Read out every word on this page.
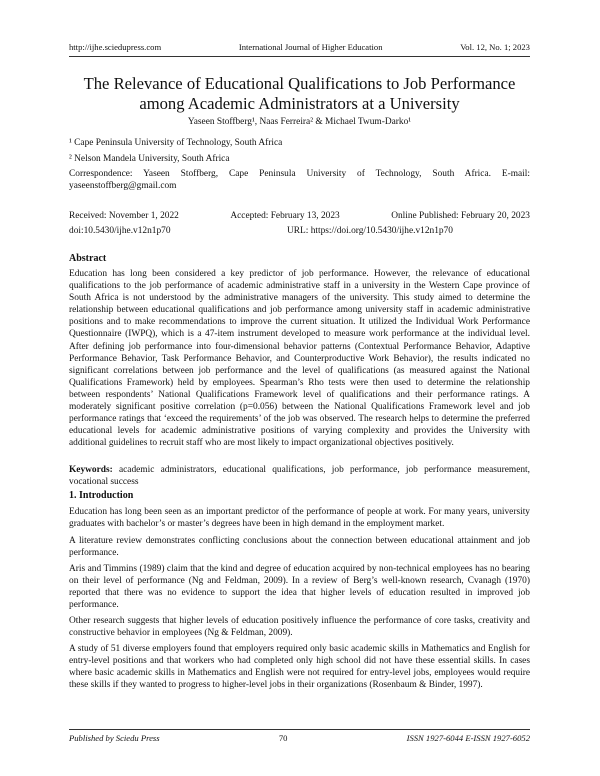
http://ijhe.sciedupress.com	International Journal of Higher Education	Vol. 12, No. 1; 2023
The Relevance of Educational Qualifications to Job Performance among Academic Administrators at a University
Yaseen Stoffberg¹, Naas Ferreira² & Michael Twum-Darko¹
¹ Cape Peninsula University of Technology, South Africa
² Nelson Mandela University, South Africa
Correspondence: Yaseen Stoffberg, Cape Peninsula University of Technology, South Africa. E-mail: yaseenstoffberg@gmail.com
Received: November 1, 2022	Accepted: February 13, 2023	Online Published: February 20, 2023
doi:10.5430/ijhe.v12n1p70	URL: https://doi.org/10.5430/ijhe.v12n1p70
Abstract
Education has long been considered a key predictor of job performance. However, the relevance of educational qualifications to the job performance of academic administrative staff in a university in the Western Cape province of South Africa is not understood by the administrative managers of the university. This study aimed to determine the relationship between educational qualifications and job performance among university staff in academic administrative positions and to make recommendations to improve the current situation. It utilized the Individual Work Performance Questionnaire (IWPQ), which is a 47-item instrument developed to measure work performance at the individual level. After defining job performance into four-dimensional behavior patterns (Contextual Performance Behavior, Adaptive Performance Behavior, Task Performance Behavior, and Counterproductive Work Behavior), the results indicated no significant correlations between job performance and the level of qualifications (as measured against the National Qualifications Framework) held by employees. Spearman’s Rho tests were then used to determine the relationship between respondents’ National Qualifications Framework level of qualifications and their performance ratings. A moderately significant positive correlation (p=0.056) between the National Qualifications Framework level and job performance ratings that ‘exceed the requirements’ of the job was observed. The research helps to determine the preferred educational levels for academic administrative positions of varying complexity and provides the University with additional guidelines to recruit staff who are most likely to impact organizational objectives positively.
Keywords: academic administrators, educational qualifications, job performance, job performance measurement, vocational success
1. Introduction
Education has long been seen as an important predictor of the performance of people at work. For many years, university graduates with bachelor’s or master’s degrees have been in high demand in the employment market.
A literature review demonstrates conflicting conclusions about the connection between educational attainment and job performance.
Aris and Timmins (1989) claim that the kind and degree of education acquired by non-technical employees has no bearing on their level of performance (Ng and Feldman, 2009). In a review of Berg’s well-known research, Cvanagh (1970) reported that there was no evidence to support the idea that higher levels of education resulted in improved job performance.
Other research suggests that higher levels of education positively influence the performance of core tasks, creativity and constructive behavior in employees (Ng & Feldman, 2009).
A study of 51 diverse employers found that employers required only basic academic skills in Mathematics and English for entry-level positions and that workers who had completed only high school did not have these essential skills. In cases where basic academic skills in Mathematics and English were not required for entry-level jobs, employees would require these skills if they wanted to progress to higher-level jobs in their organizations (Rosenbaum & Binder, 1997).
Published by Sciedu Press	70	ISSN 1927-6044 E-ISSN 1927-6052
